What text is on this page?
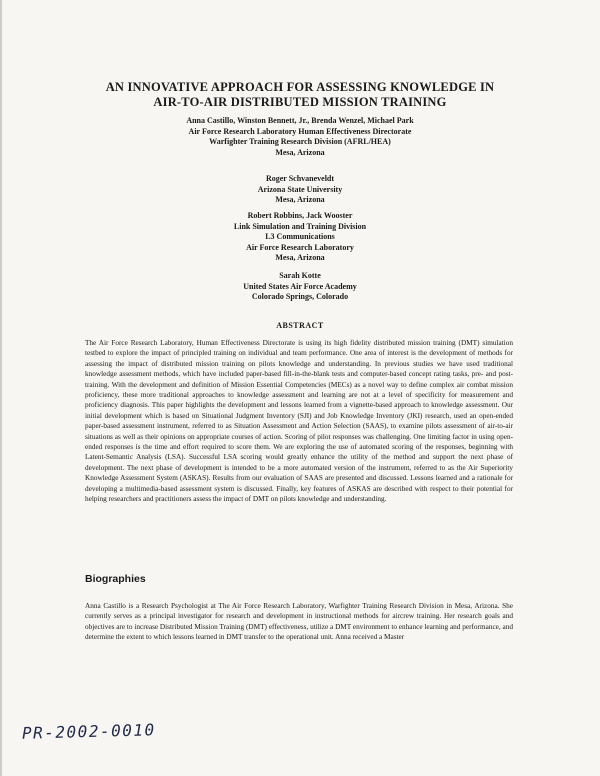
AN INNOVATIVE APPROACH FOR ASSESSING KNOWLEDGE IN
AIR-TO-AIR DISTRIBUTED MISSION TRAINING
Anna Castillo, Winston Bennett, Jr., Brenda Wenzel, Michael Park
Air Force Research Laboratory Human Effectiveness Directorate
Warfighter Training Research Division (AFRL/HEA)
Mesa, Arizona
Roger Schvaneveldt
Arizona State University
Mesa, Arizona
Robert Robbins, Jack Wooster
Link Simulation and Training Division
L3 Communications
Air Force Research Laboratory
Mesa, Arizona
Sarah Kotte
United States Air Force Academy
Colorado Springs, Colorado
ABSTRACT
The Air Force Research Laboratory, Human Effectiveness Directorate is using its high fidelity distributed mission training (DMT) simulation testbed to explore the impact of principled training on individual and team performance. One area of interest is the development of methods for assessing the impact of distributed mission training on pilots knowledge and understanding. In previous studies we have used traditional knowledge assessment methods, which have included paper-based fill-in-the-blank tests and computer-based concept rating tasks, pre- and post-training. With the development and definition of Mission Essential Competencies (MECs) as a novel way to define complex air combat mission proficiency, these more traditional approaches to knowledge assessment and learning are not at a level of specificity for measurement and proficiency diagnosis. This paper highlights the development and lessons learned from a vignette-based approach to knowledge assessment. Our initial development which is based on Situational Judgment Inventory (SJI) and Job Knowledge Inventory (JKI) research, used an open-ended paper-based assessment instrument, referred to as Situation Assessment and Action Selection (SAAS), to examine pilots assessment of air-to-air situations as well as their opinions on appropriate courses of action. Scoring of pilot responses was challenging. One limiting factor in using open-ended responses is the time and effort required to score them. We are exploring the use of automated scoring of the responses, beginning with Latent-Semantic Analysis (LSA). Successful LSA scoring would greatly enhance the utility of the method and support the next phase of development. The next phase of development is intended to be a more automated version of the instrument, referred to as the Air Superiority Knowledge Assessment System (ASKAS). Results from our evaluation of SAAS are presented and discussed. Lessons learned and a rationale for developing a multimedia-based assessment system is discussed. Finally, key features of ASKAS are described with respect to their potential for helping researchers and practitioners assess the impact of DMT on pilots knowledge and understanding.
Biographies
Anna Castillo is a Research Psychologist at The Air Force Research Laboratory, Warfighter Training Research Division in Mesa, Arizona. She currently serves as a principal investigator for research and development in instructional methods for aircrew training. Her research goals and objectives are to increase Distributed Mission Training (DMT) effectiveness, utilize a DMT environment to enhance learning and performance, and determine the extent to which lessons learned in DMT transfer to the operational unit. Anna received a Master
PR-2002-0010
